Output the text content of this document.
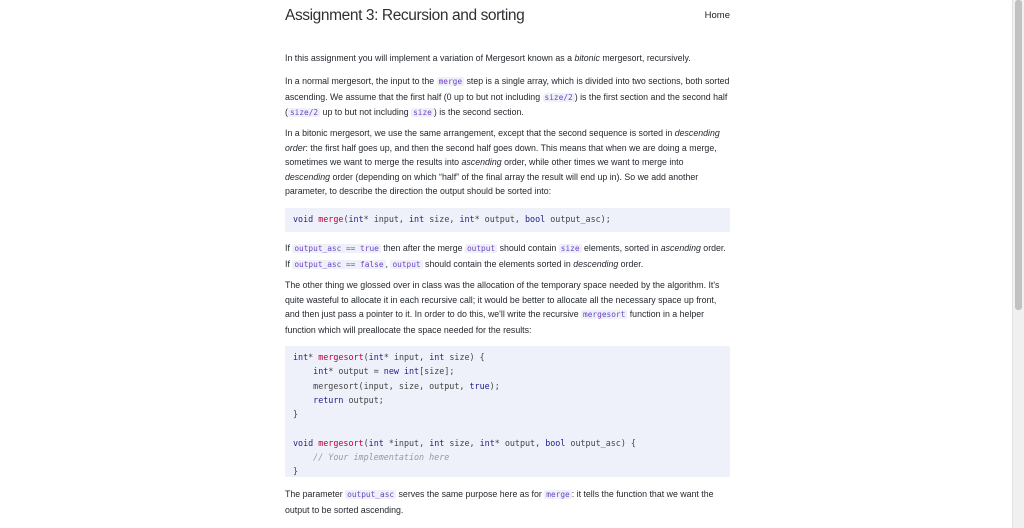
Assignment 3: Recursion and sorting	Home

In this assignment you will implement a variation of Mergesort known as a bitonic mergesort, recursively.

In a normal mergesort, the input to the merge step is a single array, which is divided into two sections, both sorted ascending. We assume that the first half (0 up to but not including size/2 ) is the first section and the second half ( size/2 up to but not including size ) is the second section.

In a bitonic mergesort, we use the same arrangement, except that the second sequence is sorted in descending order: the first half goes up, and then the second half goes down. This means that when we are doing a merge, sometimes we want to merge the results into ascending order, while other times we want to merge into descending order (depending on which “half” of the final array the result will end up in). So we add another parameter, to describe the direction the output should be sorted into:

void merge(int* input, int size, int* output, bool output_asc);

If output_asc == true then after the merge output should contain size elements, sorted in ascending order.
If output_asc == false , output should contain the elements sorted in descending order.

The other thing we glossed over in class was the allocation of the temporary space needed by the algorithm. It's quite wasteful to allocate it in each recursive call; it would be better to allocate all the necessary space up front, and then just pass a pointer to it. In order to do this, we'll write the recursive mergesort function in a helper function which will preallocate the space needed for the results:

int* mergesort(int* input, int size) {
int* output = new int[size];
mergesort(input, size, output, true);
return output;
}

void mergesort(int *input, int size, int* output, bool output_asc) {
// Your implementation here
}

The parameter output_asc serves the same purpose here as for merge : it tells the function that we want the output to be sorted ascending.
